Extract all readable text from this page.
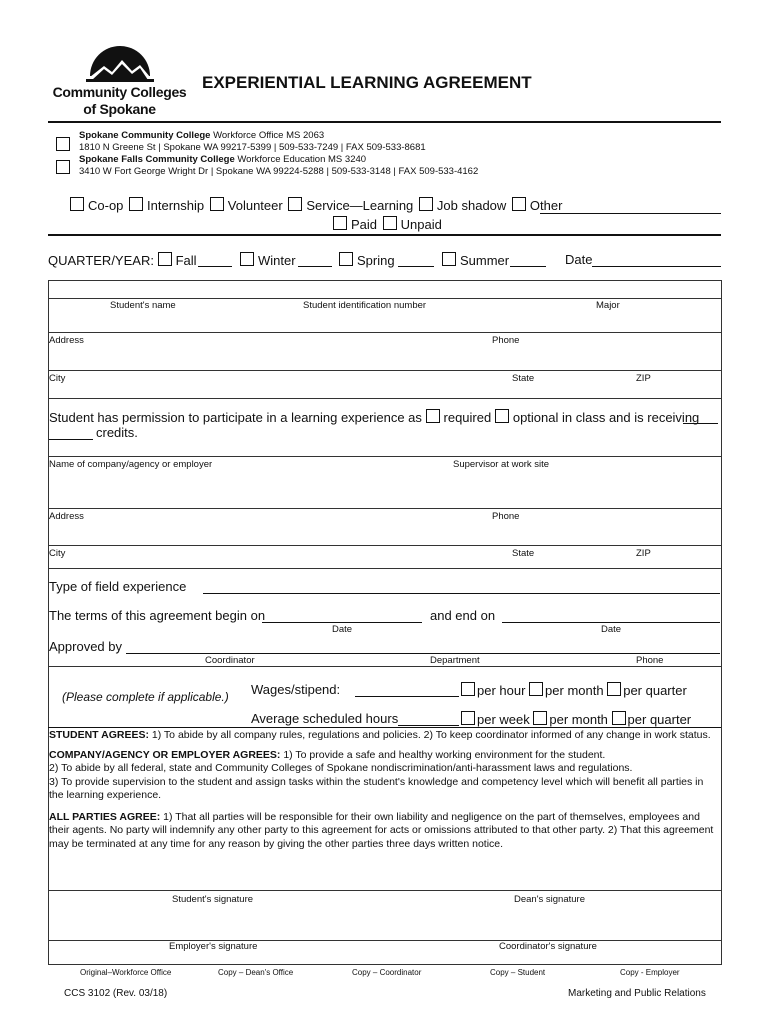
Community Colleges
of Spokane
EXPERIENTIAL LEARNING AGREEMENT
Spokane Community College Workforce Office MS 2063
1810 N Greene St | Spokane WA 99217-5399 | 509-533-7249 | FAX 509-533-8681
Spokane Falls Community College Workforce Education MS 3240
3410 W Fort George Wright Dr | Spokane WA 99224-5288 | 509-533-3148 | FAX 509-533-4162
Co-op Internship Volunteer Service—Learning Job shadow Other
Paid Unpaid
QUARTER/YEAR: Fall	Winter	Spring	Summer	Date
Student's name	Student identification number	Major
Address	Phone
City	State	ZIP
Student has permission to participate in a learning experience as required optional in class and is receiving
credits.
Name of company/agency or employer	Supervisor at work site
Address	Phone
City	State	ZIP
Type of field experience
The terms of this agreement begin on	and end on
Date	Date
Approved by
Coordinator	Department	Phone
(Please complete if applicable.) Wages/stipend:	per hour per month per quarter
Average scheduled hours	per week per month per quarter

STUDENT AGREES: 1) To abide by all company rules, regulations and policies. 2) To keep coordinator informed of any change in work status.

COMPANY/AGENCY OR EMPLOYER AGREES: 1) To provide a safe and healthy working environment for the student.

2) To abide by all federal, state and Community Colleges of Spokane nondiscrimination/anti-harassment laws and regulations.

3) To provide supervision to the student and assign tasks within the student's knowledge and competency level which will benefit all parties in the learning experience.

ALL PARTIES AGREE: 1) That all parties will be responsible for their own liability and negligence on the part of themselves, employees and their agents. No party will indemnify any other party to this agreement for acts or omissions attributed to that other party. 2) That this agreement may be terminated at any time for any reason by giving the other parties three days written notice.

Student's signature	Dean's signature
Employer's signature	Coordinator's signature
Original–Workforce Office	Copy – Dean's Office	Copy – Coordinator	Copy – Student	Copy - Employer
CCS 3102 (Rev. 03/18)	Marketing and Public Relations
